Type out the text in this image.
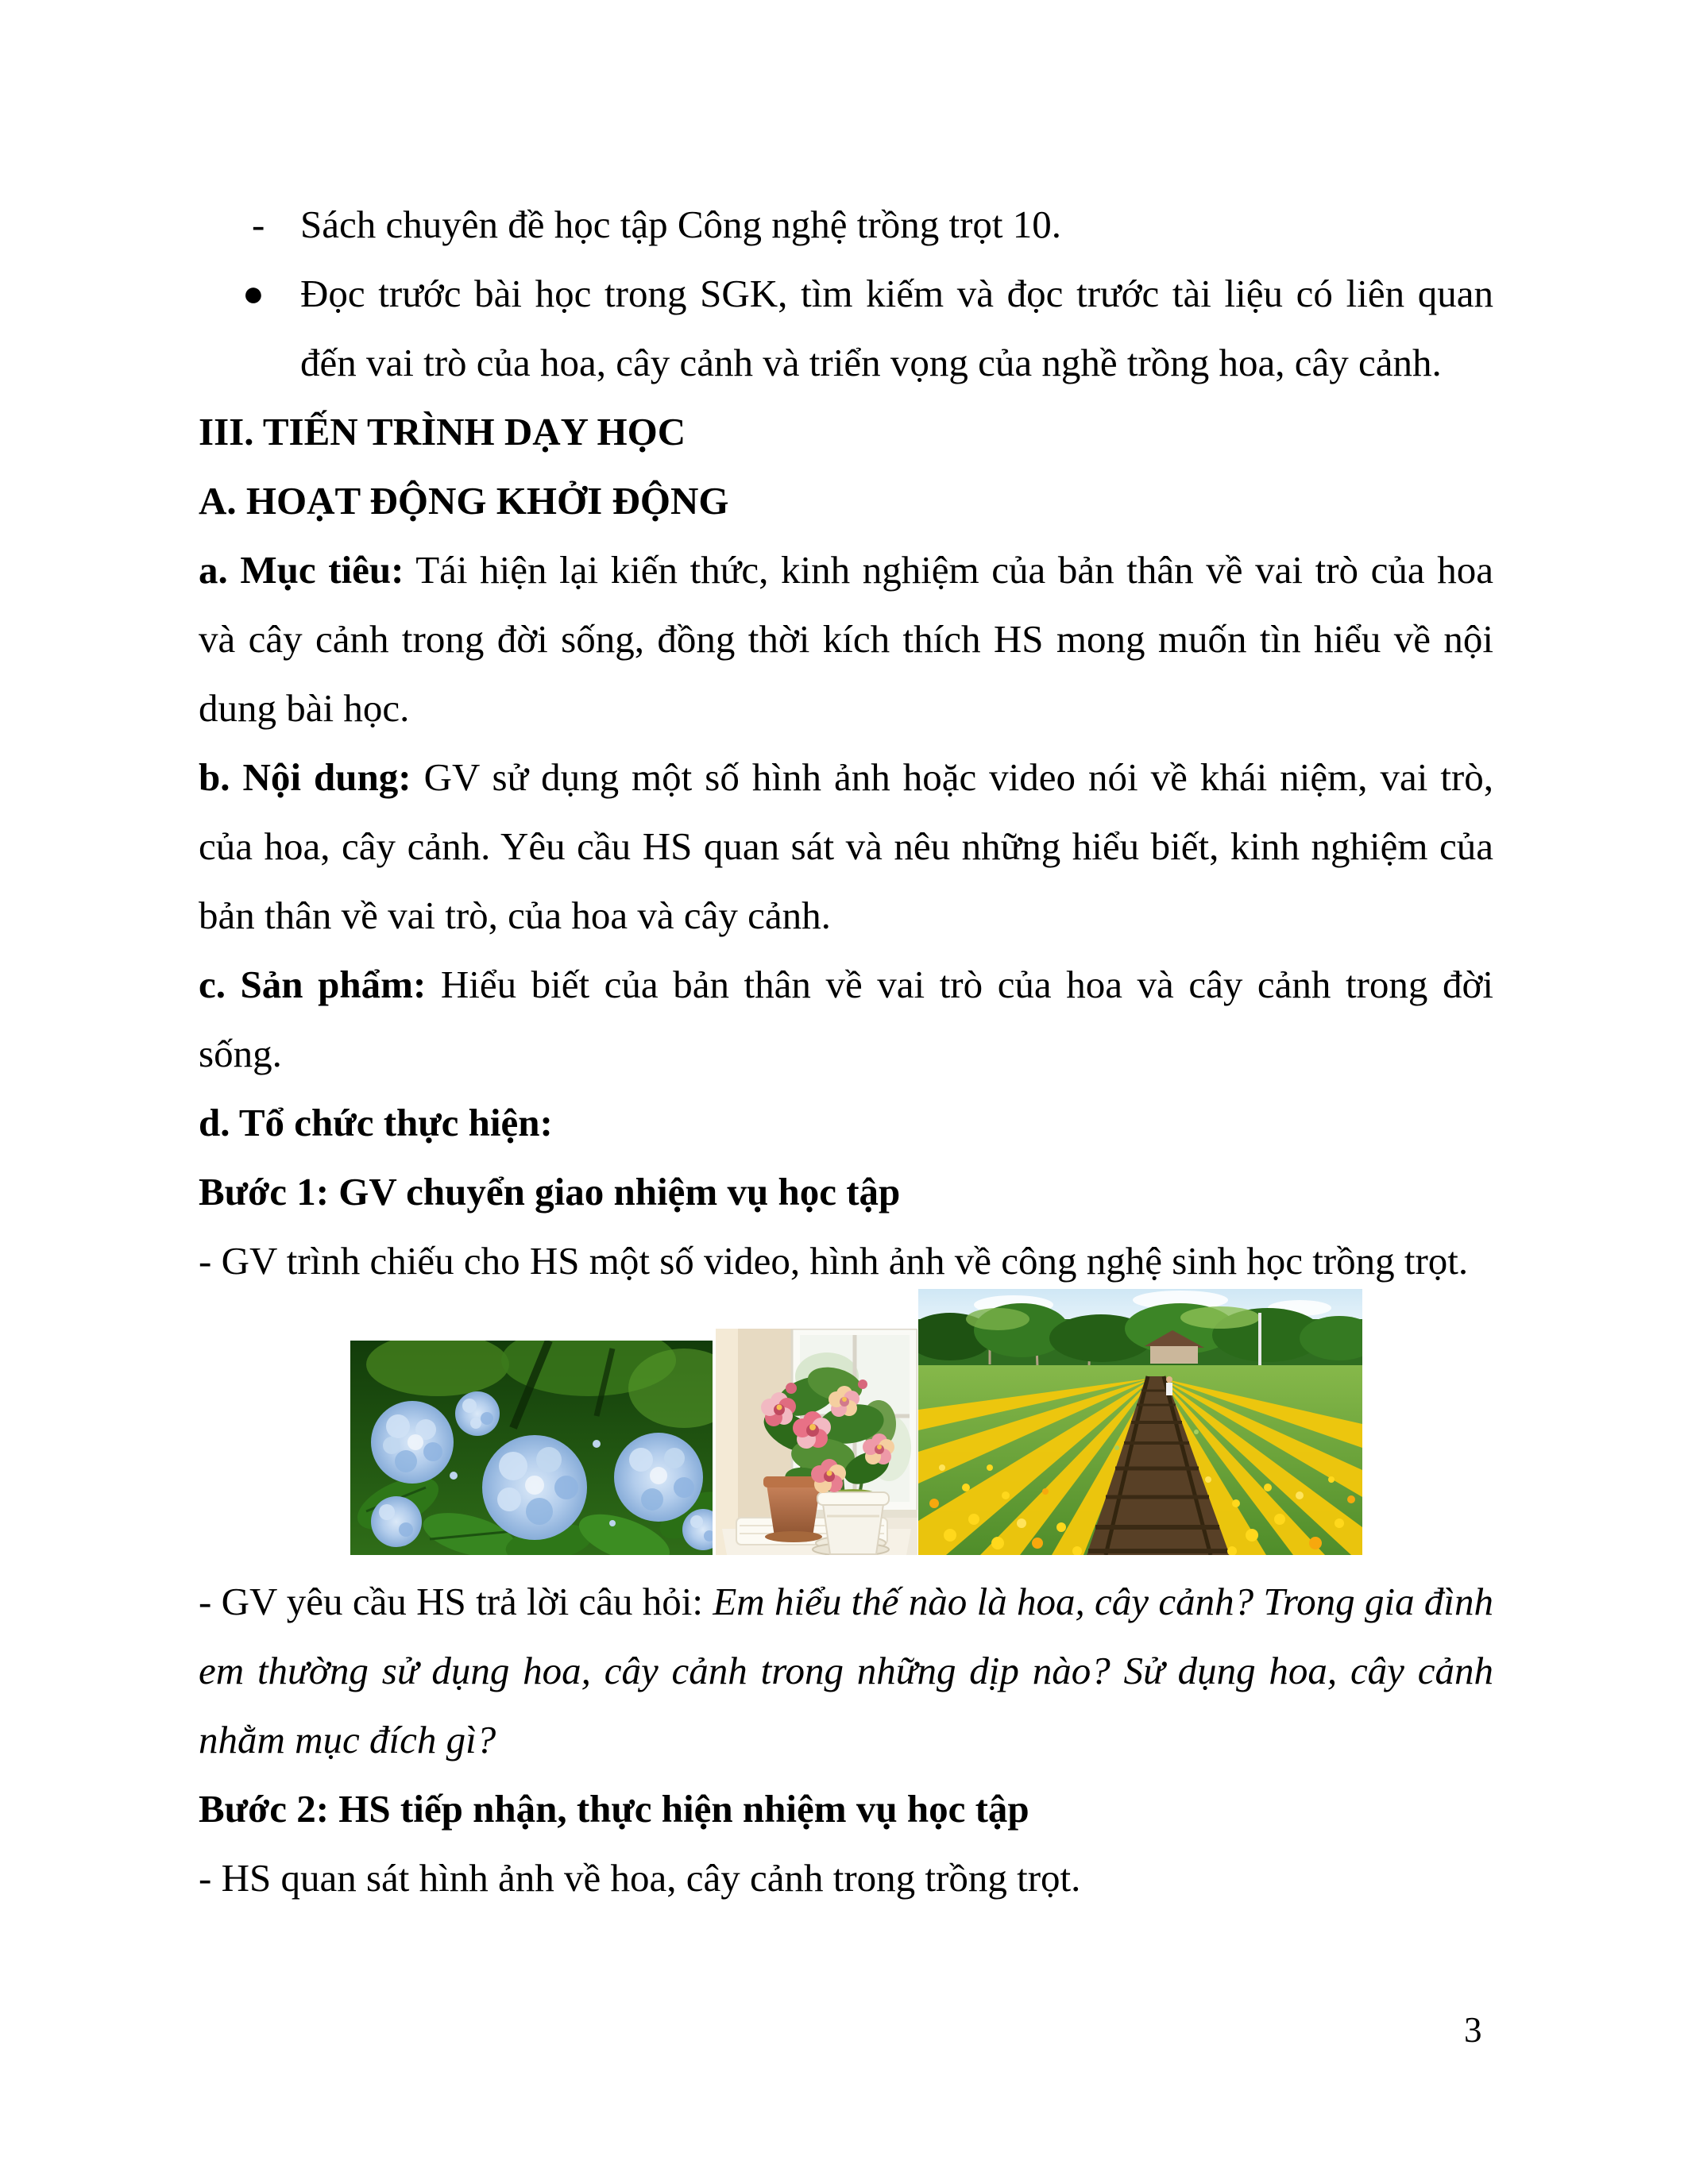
- Sách chuyên đề học tập Công nghệ trồng trọt 10.

● Đọc trước bài học trong SGK, tìm kiếm và đọc trước tài liệu có liên quan đến vai trò của hoa, cây cảnh và triển vọng của nghề trồng hoa, cây cảnh.

III. TIẾN TRÌNH DẠY HỌC

A. HOẠT ĐỘNG KHỞI ĐỘNG

a. Mục tiêu: Tái hiện lại kiến thức, kinh nghiệm của bản thân về vai trò của hoa và cây cảnh trong đời sống, đồng thời kích thích HS mong muốn tìn hiểu về nội dung bài học.

b. Nội dung: GV sử dụng một số hình ảnh hoặc video nói về khái niệm, vai trò, của hoa, cây cảnh. Yêu cầu HS quan sát và nêu những hiểu biết, kinh nghiệm của bản thân về vai trò, của hoa và cây cảnh.

c. Sản phẩm: Hiểu biết của bản thân về vai trò của hoa và cây cảnh trong đời sống.

d. Tổ chức thực hiện:

Bước 1: GV chuyển giao nhiệm vụ học tập

- GV trình chiếu cho HS một số video, hình ảnh về công nghệ sinh học trồng trọt.

- GV yêu cầu HS trả lời câu hỏi: Em hiểu thế nào là hoa, cây cảnh? Trong gia đình em thường sử dụng hoa, cây cảnh trong những dịp nào? Sử dụng hoa, cây cảnh nhằm mục đích gì?

Bước 2: HS tiếp nhận, thực hiện nhiệm vụ học tập

- HS quan sát hình ảnh về hoa, cây cảnh trong trồng trọt.

3
